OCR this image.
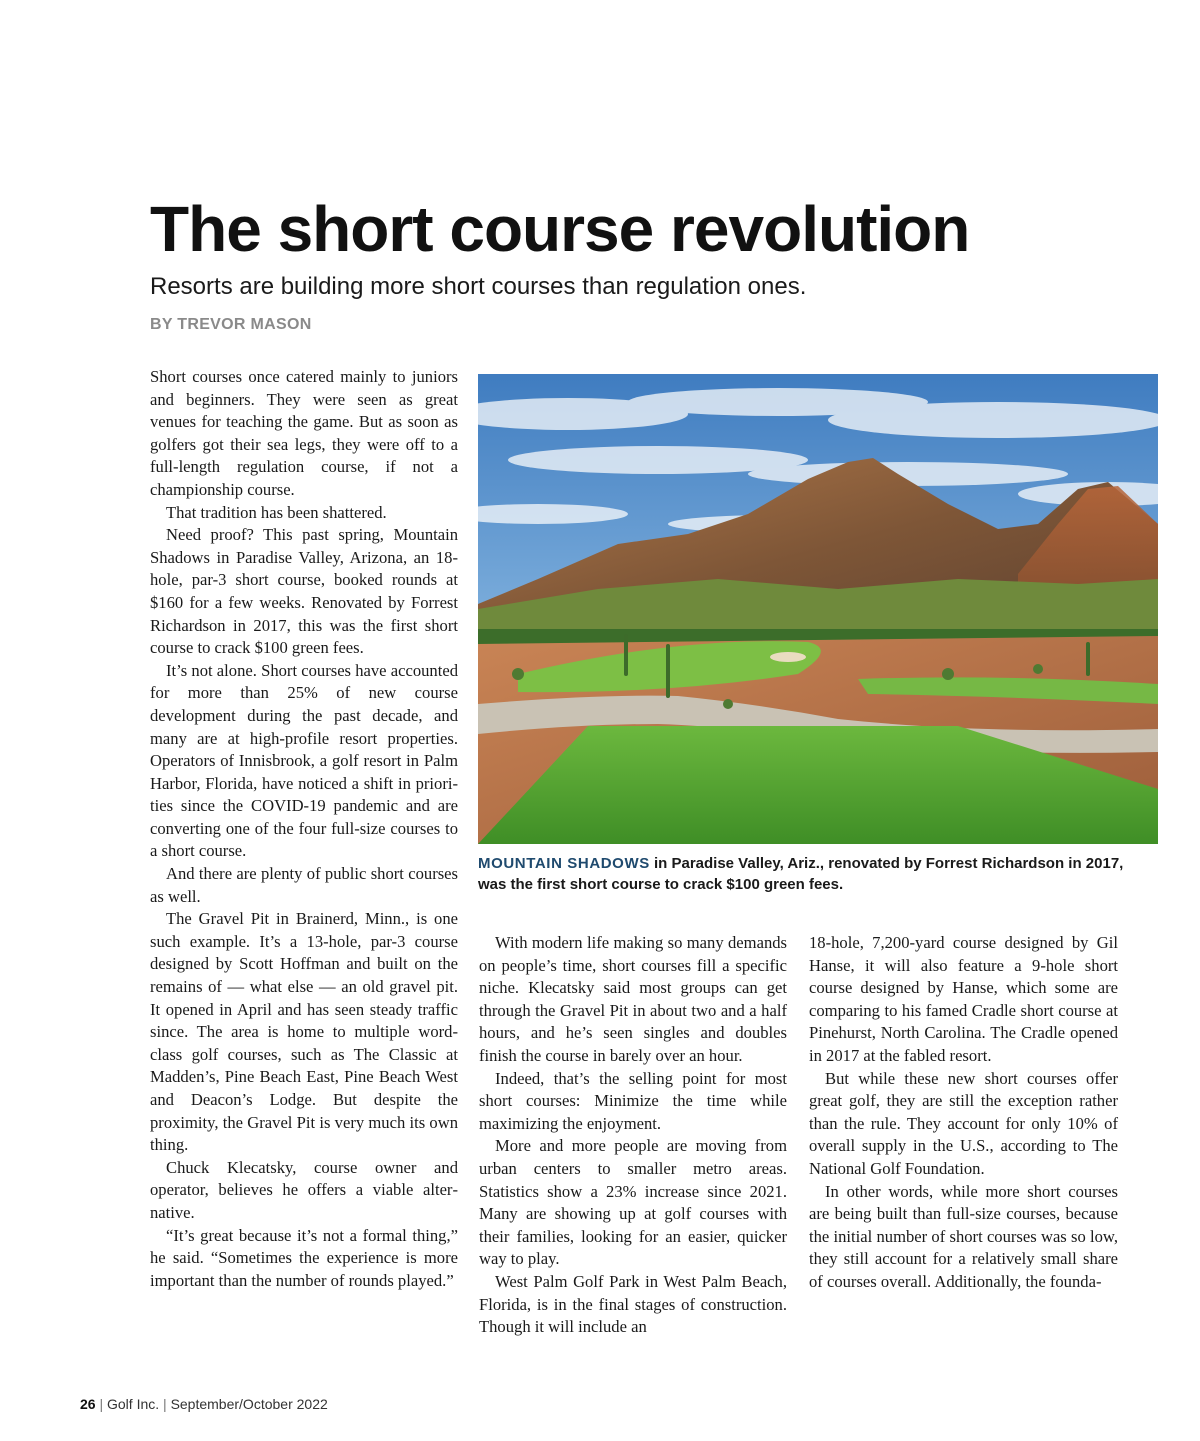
The short course revolution
Resorts are building more short courses than regulation ones.
BY TREVOR MASON

Short courses once catered mainly to juniors and beginners. They were seen as great venues for teaching the game. But as soon as golfers got their sea legs, they were off to a full-length regulation course, if not a championship course.

That tradition has been shattered.

Need proof? This past spring, Mountain Shadows in Paradise Valley, Arizona, an 18-hole, par-3 short course, booked rounds at $160 for a few weeks. Renovated by Forrest Richardson in 2017, this was the first short course to crack $100 green fees.

It’s not alone. Short courses have accounted for more than 25% of new course development during the past decade, and many are at high-profile resort properties. Operators of Innisbrook, a golf resort in Palm Harbor, Florida, have noticed a shift in priorities since the COVID-19 pandemic and are converting one of the four full-size courses to a short course.

And there are plenty of public short courses as well.

The Gravel Pit in Brainerd, Minn., is one such example. It’s a 13-hole, par-3 course designed by Scott Hoffman and built on the remains of — what else — an old gravel pit. It opened in April and has seen steady traffic since. The area is home to multiple word-class golf courses, such as The Classic at Madden’s, Pine Beach East, Pine Beach West and Deacon’s Lodge. But despite the proximity, the Gravel Pit is very much its own thing.

Chuck Klecatsky, course owner and operator, believes he offers a viable alternative.

“It’s great because it’s not a formal thing,” he said. “Sometimes the experience is more important than the number of rounds played.”

MOUNTAIN SHADOWS in Paradise Valley, Ariz., renovated by Forrest Richardson in 2017, was the first short course to crack $100 green fees.

With modern life making so many demands on people’s time, short courses fill a specific niche. Klecatsky said most groups can get through the Gravel Pit in about two and a half hours, and he’s seen singles and doubles finish the course in barely over an hour.

Indeed, that’s the selling point for most short courses: Minimize the time while maximizing the enjoyment.

More and more people are moving from urban centers to smaller metro areas. Statistics show a 23% increase since 2021. Many are showing up at golf courses with their families, looking for an easier, quicker way to play.

West Palm Golf Park in West Palm Beach, Florida, is in the final stages of construction. Though it will include an

18-hole, 7,200-yard course designed by Gil Hanse, it will also feature a 9-hole short course designed by Hanse, which some are comparing to his famed Cradle short course at Pinehurst, North Carolina. The Cradle opened in 2017 at the fabled resort.

But while these new short courses offer great golf, they are still the exception rather than the rule. They account for only 10% of overall supply in the U.S., according to The National Golf Foundation.

In other words, while more short courses are being built than full-size courses, because the initial number of short courses was so low, they still account for a relatively small share of courses overall. Additionally, the founda-

26 | Golf Inc. | September/October 2022
